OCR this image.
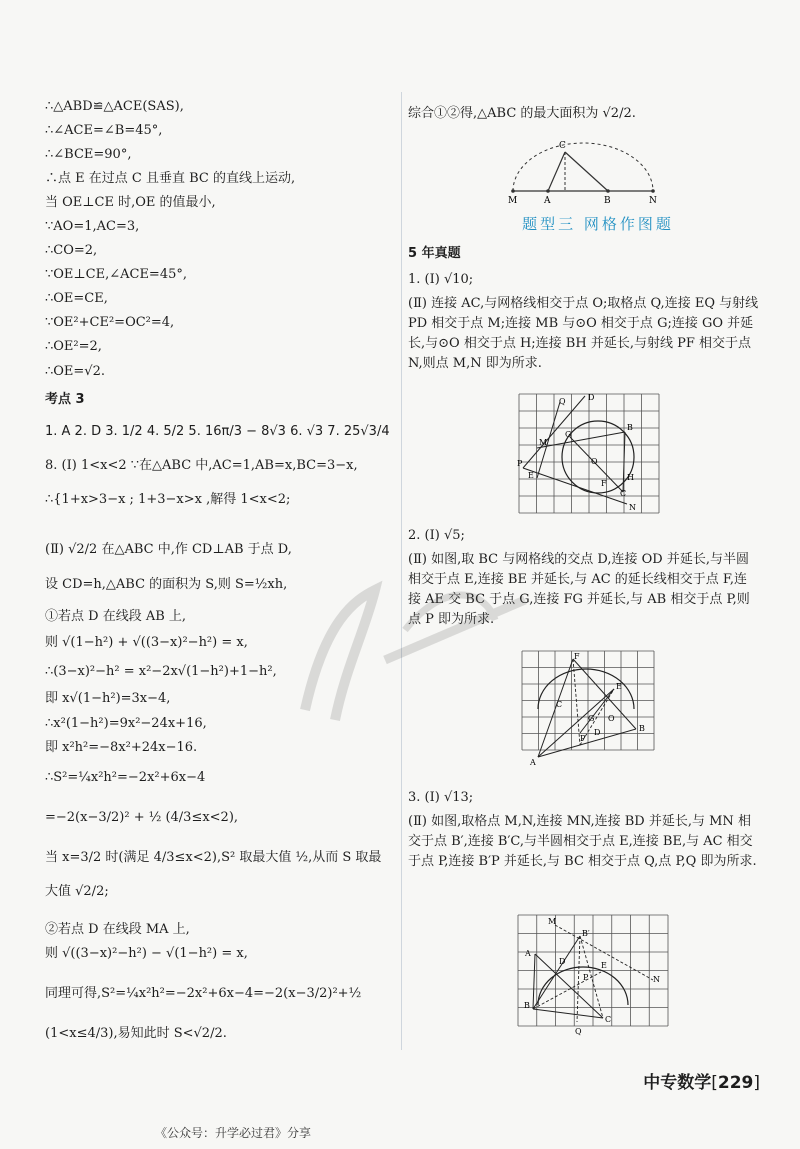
∴△ABD≌△ACE(SAS),
∴∠ACE=∠B=45°,
∴∠BCE=90°,
∴点 E 在过点 C 且垂直 BC 的直线上运动,
当 OE⊥CE 时,OE 的值最小,
∵AO=1,AC=3,
∴CO=2,
∵OE⊥CE,∠ACE=45°,
∴OE=CE,
∵OE²+CE²=OC²=4,
∴OE²=2,
∴OE=√2.
考点 3
1. A 2. D 3. 1/2 4. 5/2 5. 16π/3 − 8√3 6. √3 7. 25√3/4
8. (Ⅰ) 1<x<2 ∵在△ABC 中,AC=1,AB=x,BC=3−x,
∴{1+x>3−x ; 1+3−x>x ,解得 1<x<2;
(Ⅱ) √2/2 在△ABC 中,作 CD⊥AB 于点 D,
设 CD=h,△ABC 的面积为 S,则 S=½xh,
①若点 D 在线段 AB 上,
则 √(1−h²) + √((3−x)²−h²) = x,
∴(3−x)²−h² = x²−2x√(1−h²)+1−h²,
即 x√(1−h²)=3x−4,
∴x²(1−h²)=9x²−24x+16,
即 x²h²=−8x²+24x−16.
∴S²=¼x²h²=−2x²+6x−4
=−2(x−3/2)² + ½ (4/3≤x<2),
当 x=3/2 时(满足 4/3≤x<2),S² 取最大值 ½,从而 S 取最
大值 √2/2;
②若点 D 在线段 MA 上,
则 √((3−x)²−h²) − √(1−h²) = x,
同理可得,S²=¼x²h²=−2x²+6x−4=−2(x−3/2)²+½
(1<x≤4/3),易知此时 S<√2/2.
综合①②得,△ABC 的最大面积为 √2/2.
C
M	A	B	N
题型三 网格作图题
5 年真题
1. (Ⅰ) √10;
(Ⅱ) 连接 AC,与网格线相交于点 O;取格点 Q,连接 EQ 与射线 PD 相交于点 M;连接 MB 与⊙O 相交于点 G;连接 GO 并延长,与⊙O 相交于点 H;连接 BH 并延长,与射线 PF 相交于点 N,则点 M,N 即为所求.
Q	D
B
M
G
P
E
O
F
H
C
N
2. (Ⅰ) √5;
(Ⅱ) 如图,取 BC 与网格线的交点 D,连接 OD 并延长,与半圆相交于点 E,连接 BE 并延长,与 AC 的延长线相交于点 F,连接 AE 交 BC 于点 G,连接 FG 并延长,与 AB 相交于点 P,则点 P 即为所求.
F
E
C
G O
P
D	B
A
3. (Ⅰ) √13;
(Ⅱ) 如图,取格点 M,N,连接 MN,连接 BD 并延长,与 MN 相交于点 B′,连接 B′C,与半圆相交于点 E,连接 BE,与 AC 相交于点 P,连接 B′P 并延长,与 BC 相交于点 Q,点 P,Q 即为所求.
M
B′
A
D	E
P	N
B
Q
C
中专数学[229]
《公众号：升学必过君》分享
